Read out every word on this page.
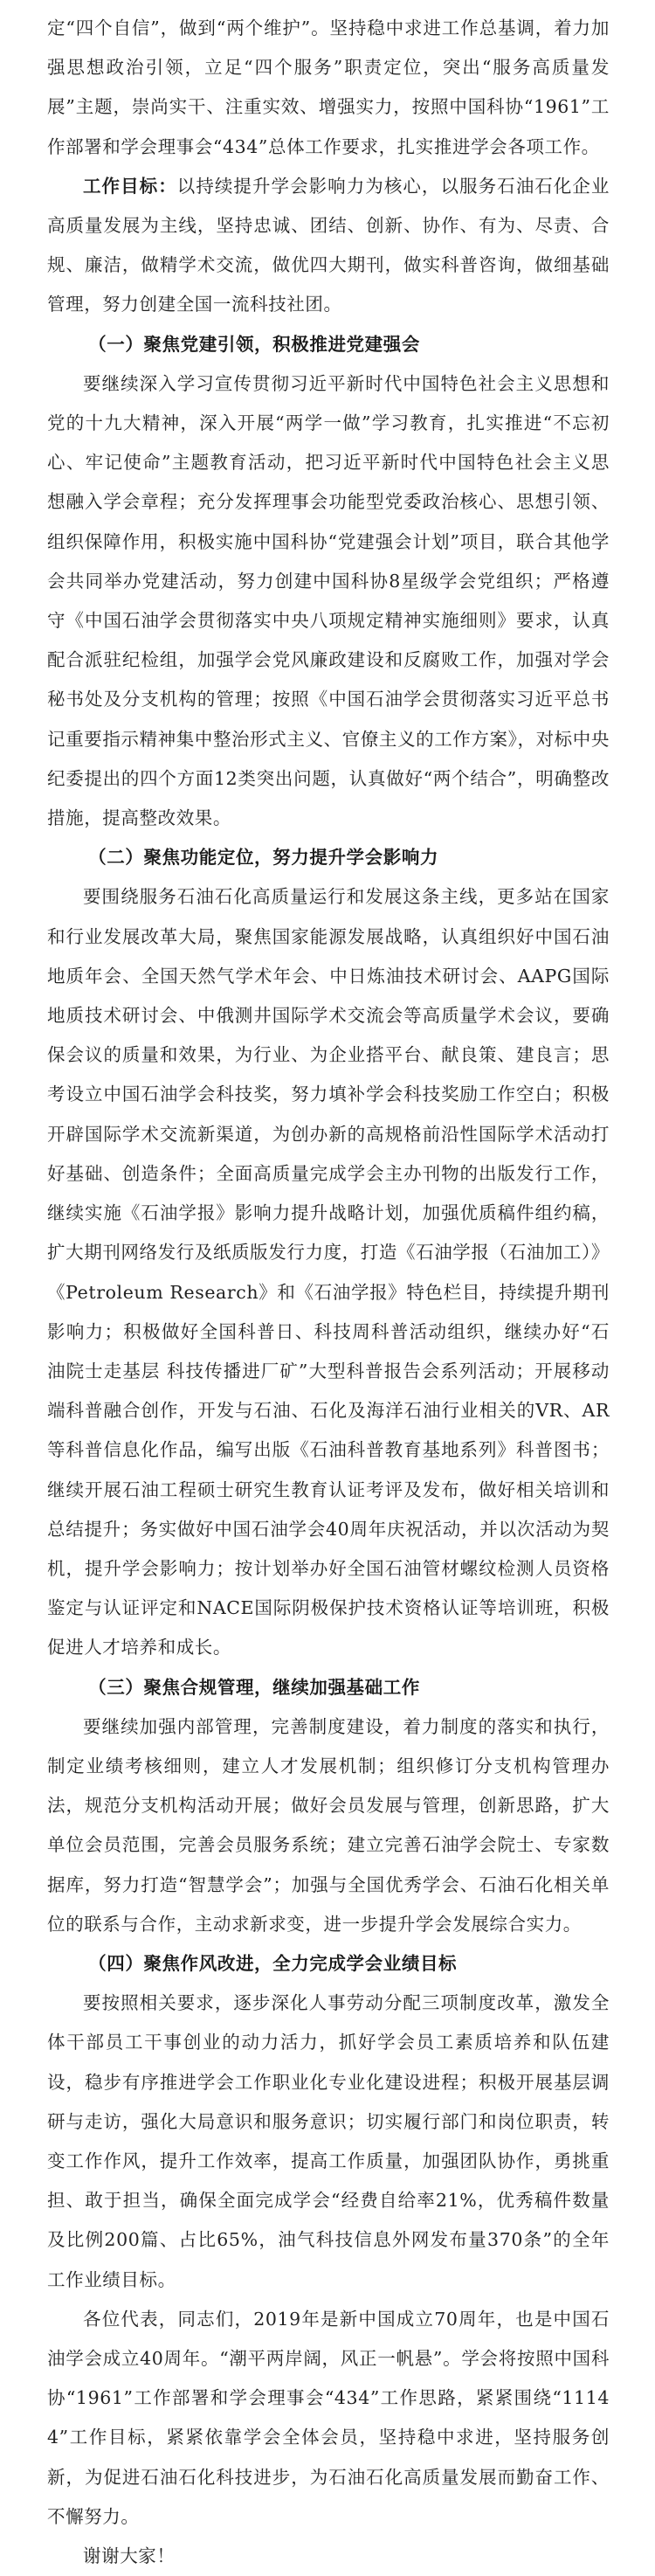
定“四个自信”，做到“两个维护”。坚持稳中求进工作总基调，着力加强思想政治引领，立足“四个服务”职责定位，突出“服务高质量发展”主题，崇尚实干、注重实效、增强实力，按照中国科协“1961”工作部署和学会理事会“434”总体工作要求，扎实推进学会各项工作。

工作目标：以持续提升学会影响力为核心，以服务石油石化企业高质量发展为主线，坚持忠诚、团结、创新、协作、有为、尽责、合规、廉洁，做精学术交流，做优四大期刊，做实科普咨询，做细基础管理，努力创建全国一流科技社团。

（一）聚焦党建引领，积极推进党建强会

要继续深入学习宣传贯彻习近平新时代中国特色社会主义思想和党的十九大精神，深入开展“两学一做”学习教育，扎实推进“不忘初心、牢记使命”主题教育活动，把习近平新时代中国特色社会主义思想融入学会章程；充分发挥理事会功能型党委政治核心、思想引领、组织保障作用，积极实施中国科协“党建强会计划”项目，联合其他学会共同举办党建活动，努力创建中国科协8星级学会党组织；严格遵守《中国石油学会贯彻落实中央八项规定精神实施细则》要求，认真配合派驻纪检组，加强学会党风廉政建设和反腐败工作，加强对学会秘书处及分支机构的管理；按照《中国石油学会贯彻落实习近平总书记重要指示精神集中整治形式主义、官僚主义的工作方案》，对标中央纪委提出的四个方面12类突出问题，认真做好“两个结合”，明确整改措施，提高整改效果。

（二）聚焦功能定位，努力提升学会影响力

要围绕服务石油石化高质量运行和发展这条主线，更多站在国家和行业发展改革大局，聚焦国家能源发展战略，认真组织好中国石油地质年会、全国天然气学术年会、中日炼油技术研讨会、AAPG国际地质技术研讨会、中俄测井国际学术交流会等高质量学术会议，要确保会议的质量和效果，为行业、为企业搭平台、献良策、建良言；思考设立中国石油学会科技奖，努力填补学会科技奖励工作空白；积极开辟国际学术交流新渠道，为创办新的高规格前沿性国际学术活动打好基础、创造条件；全面高质量完成学会主办刊物的出版发行工作，继续实施《石油学报》影响力提升战略计划，加强优质稿件组约稿，扩大期刊网络发行及纸质版发行力度，打造《石油学报（石油加工）》《Petroleum Research》和《石油学报》特色栏目，持续提升期刊影响力；积极做好全国科普日、科技周科普活动组织，继续办好“石油院士走基层 科技传播进厂矿”大型科普报告会系列活动；开展移动端科普融合创作，开发与石油、石化及海洋石油行业相关的VR、AR等科普信息化作品，编写出版《石油科普教育基地系列》科普图书；继续开展石油工程硕士研究生教育认证考评及发布，做好相关培训和总结提升；务实做好中国石油学会40周年庆祝活动，并以次活动为契机，提升学会影响力；按计划举办好全国石油管材螺纹检测人员资格鉴定与认证评定和NACE国际阴极保护技术资格认证等培训班，积极促进人才培养和成长。

（三）聚焦合规管理，继续加强基础工作

要继续加强内部管理，完善制度建设，着力制度的落实和执行，制定业绩考核细则，建立人才发展机制；组织修订分支机构管理办法，规范分支机构活动开展；做好会员发展与管理，创新思路，扩大单位会员范围，完善会员服务系统；建立完善石油学会院士、专家数据库，努力打造“智慧学会”；加强与全国优秀学会、石油石化相关单位的联系与合作，主动求新求变，进一步提升学会发展综合实力。

（四）聚焦作风改进，全力完成学会业绩目标

要按照相关要求，逐步深化人事劳动分配三项制度改革，激发全体干部员工干事创业的动力活力，抓好学会员工素质培养和队伍建设，稳步有序推进学会工作职业化专业化建设进程；积极开展基层调研与走访，强化大局意识和服务意识；切实履行部门和岗位职责，转变工作作风，提升工作效率，提高工作质量，加强团队协作，勇挑重担、敢于担当，确保全面完成学会“经费自给率21%，优秀稿件数量及比例200篇、占比65%，油气科技信息外网发布量370条”的全年工作业绩目标。

各位代表，同志们，2019年是新中国成立70周年，也是中国石油学会成立40周年。“潮平两岸阔，风正一帆悬”。学会将按照中国科协“1961”工作部署和学会理事会“434”工作思路，紧紧围绕“11144”工作目标，紧紧依靠学会全体会员，坚持稳中求进，坚持服务创新，为促进石油石化科技进步，为石油石化高质量发展而勤奋工作、不懈努力。

谢谢大家！
